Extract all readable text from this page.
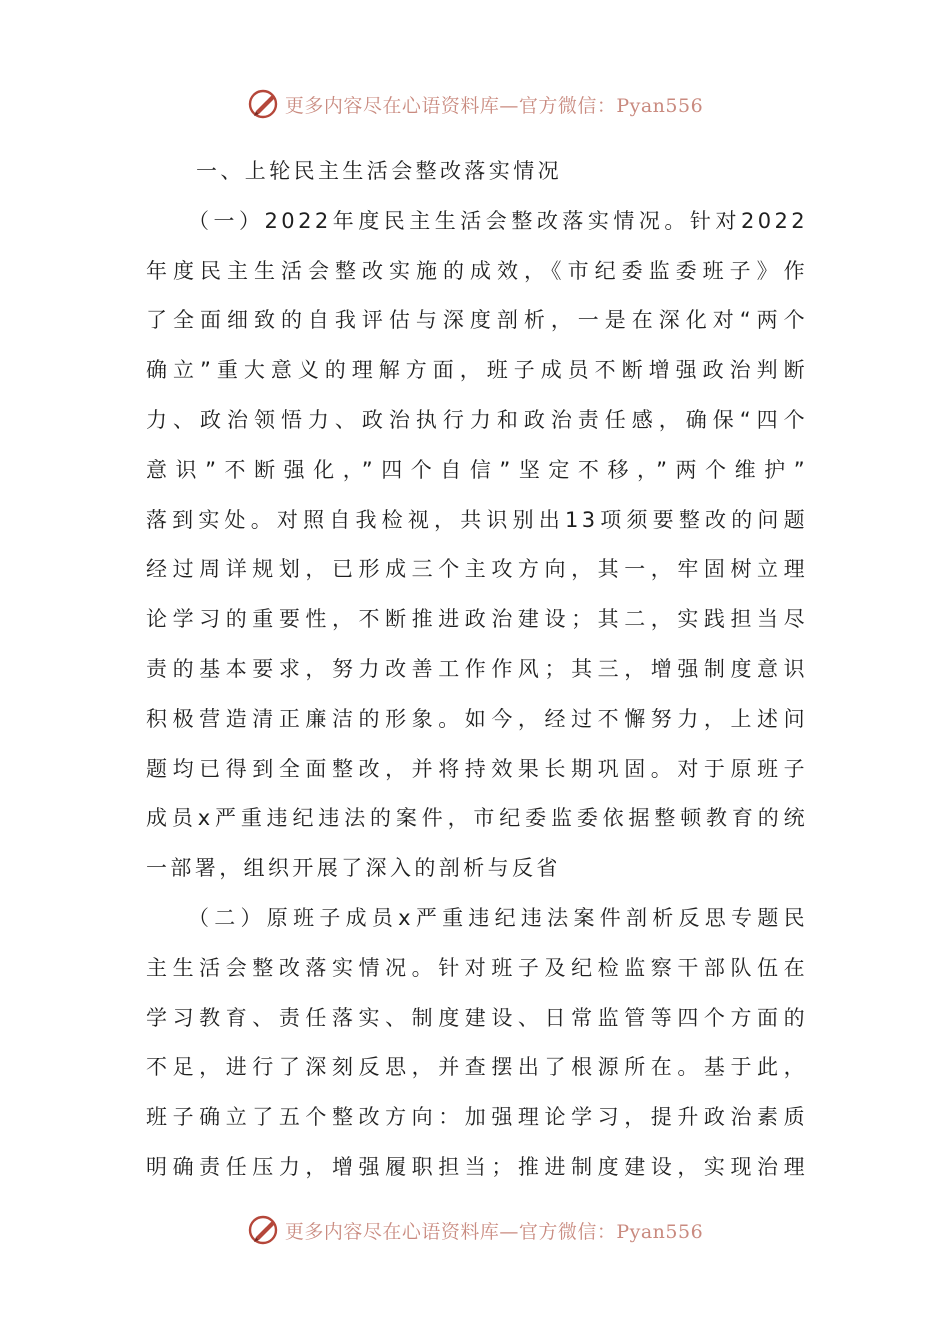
更多内容尽在心语资料库—官方微信：Pyan556
一、上轮民主生活会整改落实情况
（一）2022年度民主生活会整改落实情况。针对2022
年度民主生活会整改实施的成效，《市纪委监委班子》作
了全面细致的自我评估与深度剖析，一是在深化对“两个
确立”重大意义的理解方面，班子成员不断增强政治判断
力、政治领悟力、政治执行力和政治责任感，确保“四个
意识”不断强化，”四个自信”坚定不移，”两个维护”
落到实处。对照自我检视，共识别出13项须要整改的问题
经过周详规划，已形成三个主攻方向，其一，牢固树立理
论学习的重要性，不断推进政治建设；其二，实践担当尽
责的基本要求，努力改善工作作风；其三，增强制度意识
积极营造清正廉洁的形象。如今，经过不懈努力，上述问
题均已得到全面整改，并将持效果长期巩固。对于原班子
成员x严重违纪违法的案件，市纪委监委依据整顿教育的统
一部署，组织开展了深入的剖析与反省
（二）原班子成员x严重违纪违法案件剖析反思专题民
主生活会整改落实情况。针对班子及纪检监察干部队伍在
学习教育、责任落实、制度建设、日常监管等四个方面的
不足，进行了深刻反思，并查摆出了根源所在。基于此，
班子确立了五个整改方向：加强理论学习，提升政治素质
明确责任压力，增强履职担当；推进制度建设，实现治理
更多内容尽在心语资料库—官方微信：Pyan556
